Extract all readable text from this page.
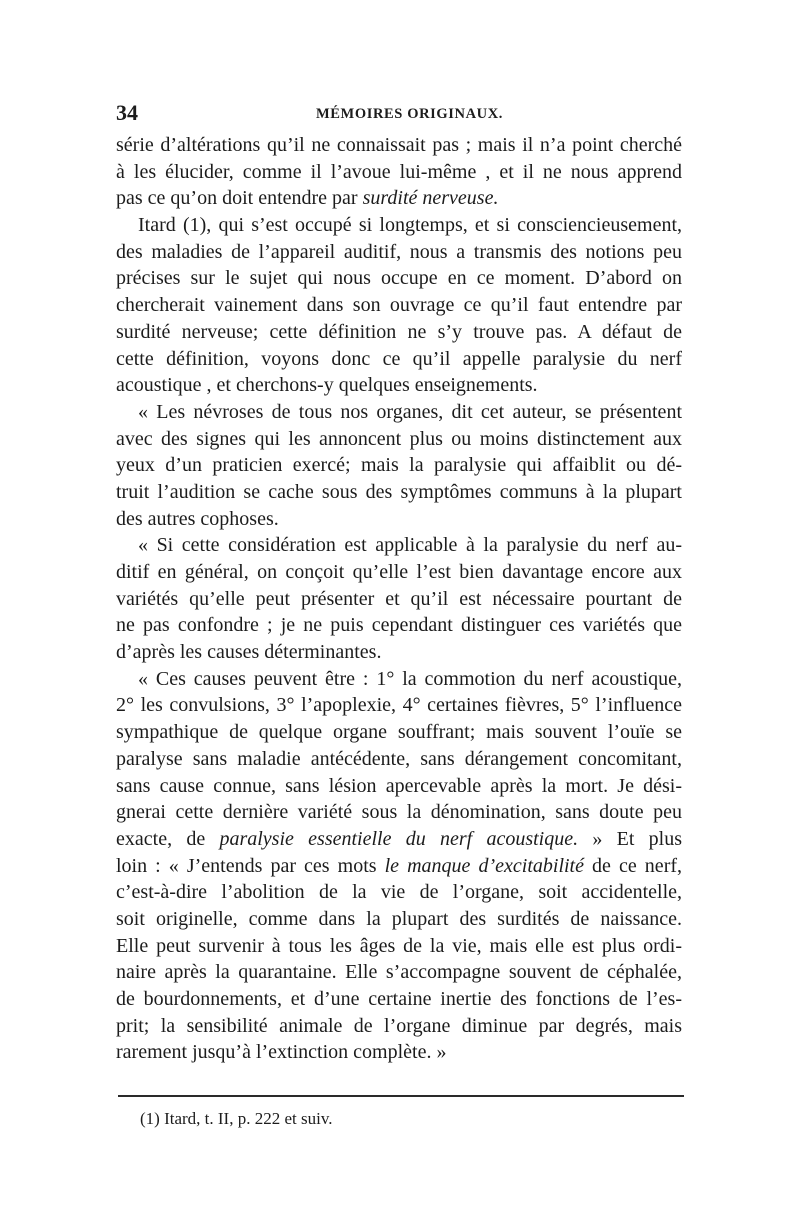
34	MÉMOIRES ORIGINAUX.
série d’altérations qu’il ne connaissait pas ; mais il n’a point cherché
à les élucider, comme il l’avoue lui-même , et il ne nous apprend
pas ce qu’on doit entendre par surdité nerveuse.
Itard (1), qui s’est occupé si longtemps, et si consciencieusement,
des maladies de l’appareil auditif, nous a transmis des notions peu
précises sur le sujet qui nous occupe en ce moment. D’abord on
chercherait vainement dans son ouvrage ce qu’il faut entendre par
surdité nerveuse; cette définition ne s’y trouve pas. A défaut de
cette définition, voyons donc ce qu’il appelle paralysie du nerf
acoustique , et cherchons-y quelques enseignements.
« Les névroses de tous nos organes, dit cet auteur, se présentent
avec des signes qui les annoncent plus ou moins distinctement aux
yeux d’un praticien exercé; mais la paralysie qui affaiblit ou dé-
truit l’audition se cache sous des symptômes communs à la plupart
des autres cophoses.
« Si cette considération est applicable à la paralysie du nerf au-
ditif en général, on conçoit qu’elle l’est bien davantage encore aux
variétés qu’elle peut présenter et qu’il est nécessaire pourtant de
ne pas confondre ; je ne puis cependant distinguer ces variétés que
d’après les causes déterminantes.
« Ces causes peuvent être : 1° la commotion du nerf acoustique,
2° les convulsions, 3° l’apoplexie, 4° certaines fièvres, 5° l’influence
sympathique de quelque organe souffrant; mais souvent l’ouïe se
paralyse sans maladie antécédente, sans dérangement concomitant,
sans cause connue, sans lésion apercevable après la mort. Je dési-
gnerai cette dernière variété sous la dénomination, sans doute peu
exacte, de paralysie essentielle du nerf acoustique. » Et plus
loin : « J’entends par ces mots le manque d’excitabilité de ce nerf,
c’est-à-dire l’abolition de la vie de l’organe, soit accidentelle,
soit originelle, comme dans la plupart des surdités de naissance.
Elle peut survenir à tous les âges de la vie, mais elle est plus ordi-
naire après la quarantaine. Elle s’accompagne souvent de céphalée,
de bourdonnements, et d’une certaine inertie des fonctions de l’es-
prit; la sensibilité animale de l’organe diminue par degrés, mais
rarement jusqu’à l’extinction complète. »
(1) Itard, t. II, p. 222 et suiv.
